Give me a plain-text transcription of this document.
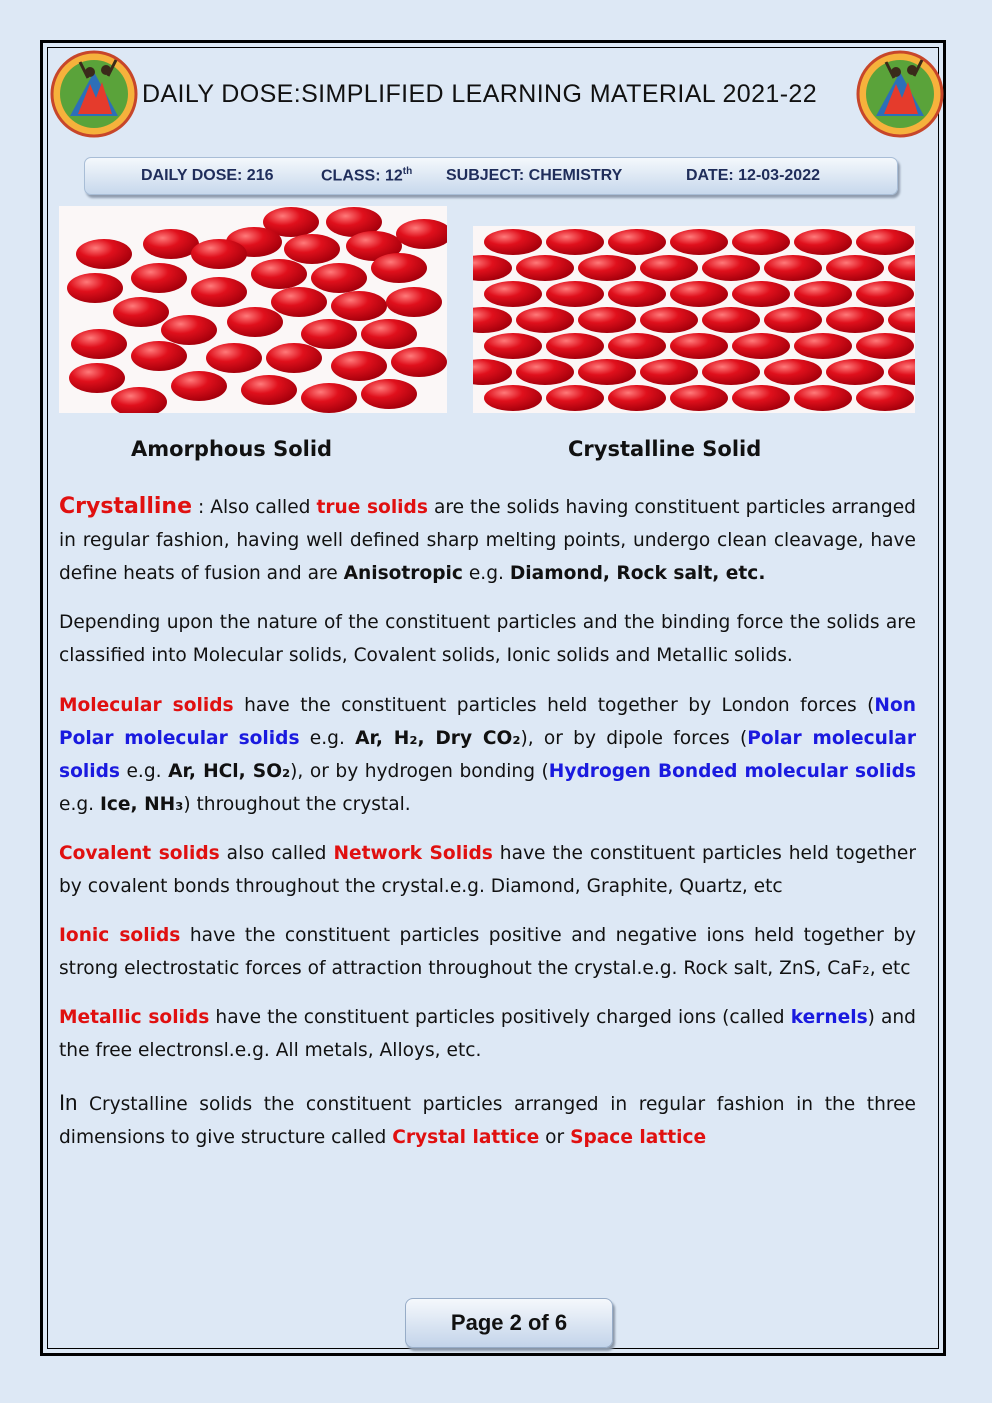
DAILY DOSE:SIMPLIFIED LEARNING MATERIAL 2021-22
DAILY DOSE: 216	CLASS: 12th SUBJECT: CHEMISTRY	DATE: 12-03-2022
Amorphous Solid	Crystalline Solid

Crystalline : Also called true solids are the solids having constituent particles arranged in regular fashion, having well defined sharp melting points, undergo clean cleavage, have define heats of fusion and are Anisotropic e.g. Diamond, Rock salt, etc.

Depending upon the nature of the constituent particles and the binding force the solids are classified into Molecular solids, Covalent solids, Ionic solids and Metallic solids.

Molecular solids have the constituent particles held together by London forces (Non Polar molecular solids e.g. Ar, H₂, Dry CO₂), or by dipole forces (Polar molecular solids e.g. Ar, HCl, SO₂), or by hydrogen bonding (Hydrogen Bonded molecular solids e.g. Ice, NH₃) throughout the crystal.

Covalent solids also called Network Solids have the constituent particles held together by covalent bonds throughout the crystal.e.g. Diamond, Graphite, Quartz, etc

Ionic solids have the constituent particles positive and negative ions held together by strong electrostatic forces of attraction throughout the crystal.e.g. Rock salt, ZnS, CaF₂, etc

Metallic solids have the constituent particles positively charged ions (called kernels) and the free electronsl.e.g. All metals, Alloys, etc.

In Crystalline solids the constituent particles arranged in regular fashion in the three dimensions to give structure called Crystal lattice or Space lattice

Page 2 of 6
